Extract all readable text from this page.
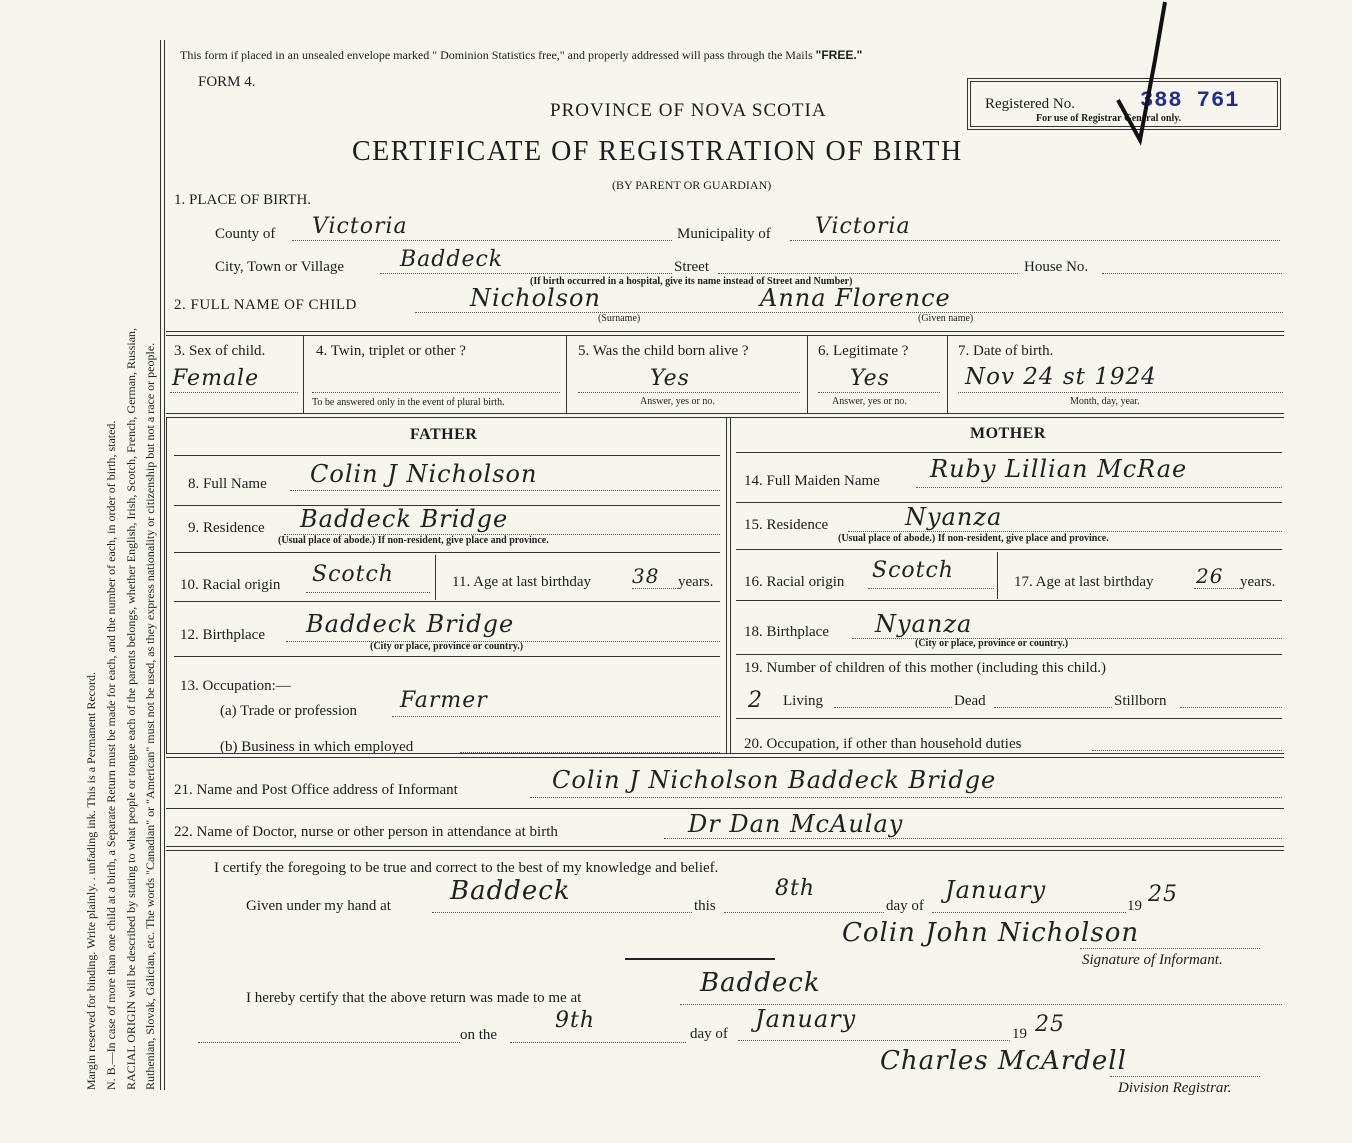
Margin reserved for binding. Write plainly. . unfading ink. This is a Permanent Record. N. B.—In case of more than one child at a birth, a Separate Return must be made for each, and the number of each, in order of birth, stated. RACIAL ORIGIN will be described by stating to what people or tongue each of the parents belongs, whether English, Irish, Scotch, French, German, Russian, Ruthenian, Slovak, Galician, etc. The words "Canadian" or "American" must not be used, as they express nationality or citizenship but not a race or people.
This form if placed in an unsealed envelope marked " Dominion Statistics free," and properly addressed will pass through the Mails "FREE."
FORM 4.
PROVINCE OF NOVA SCOTIA
CERTIFICATE OF REGISTRATION OF BIRTH
(BY PARENT OR GUARDIAN)
Registered No.
For use of Registrar General only.
388 761
1. PLACE OF BIRTH.
County of Victoria	Municipality of Victoria
City, Town or Village	Baddeck	Street	House No.
(If birth occurred in a hospital, give its name instead of Street and Number)
2. FULL NAME OF CHILD	Nicholson	Anna Florence
(Surname)	(Given name)
3. Sex of child.
Female
4. Twin, triplet or other ?
To be answered only in the event of plural birth.
5. Was the child born alive ?
Yes
Answer, yes or no.
6. Legitimate ?
Yes
Answer, yes or no.
7. Date of birth.
Nov 24 st 1924
Month, day, year.
FATHER	MOTHER
8. Full Name Colin J Nicholson
9. Residence Baddeck Bridge
(Usual place of abode.) If non-resident, give place and province.
10. Racial origin Scotch	11. Age at last birthday 38 years.
12. Birthplace Baddeck Bridge
(City or place, province or country.)
13. Occupation:—
(a) Trade or profession Farmer
(b) Business in which employed
14. Full Maiden Name Ruby Lillian McRae
15. Residence	Nyanza
(Usual place of abode.) If non-resident, give place and province.
16. Racial origin Scotch	17. Age at last birthday 26 years.
18. Birthplace Nyanza
(City or place, province or country.)
19. Number of children of this mother (including this child.)
2 Living	Dead	Stillborn
20. Occupation, if other than household duties
21. Name and Post Office address of Informant	Colin J Nicholson Baddeck Bridge
22. Name of Doctor, nurse or other person in attendance at birth	Dr Dan McAulay
I certify the foregoing to be true and correct to the best of my knowledge and belief.
Given under my hand at Baddeck	this
8th
day of
January
19 25
Colin John Nicholson
Signature of Informant.
I hereby certify that the above return was made to me at	Baddeck
on the
9th
day of
January
19 25
Charles McArdell
Division Registrar.
